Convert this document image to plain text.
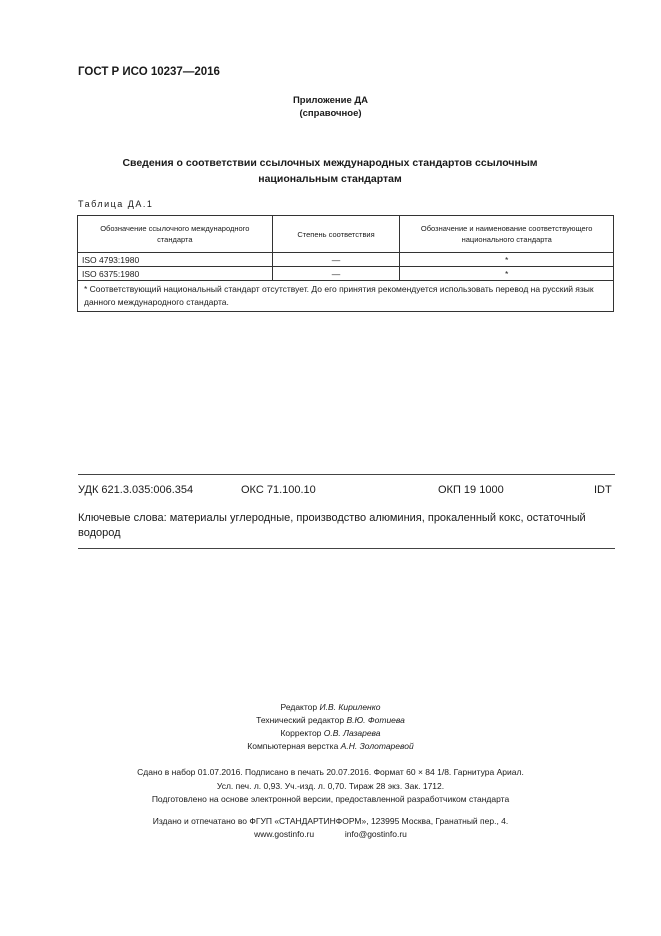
ГОСТ Р ИСО 10237—2016
Приложение ДА
(справочное)
Сведения о соответствии ссылочных международных стандартов ссылочным национальным стандартам
Таблица ДА.1
Обозначение ссылочного международного стандарта	Степень соответствия	Обозначение и наименование соответствующего национального стандарта
ISO 4793:1980	—	*
ISO 6375:1980	—	*
* Соответствующий национальный стандарт отсутствует. До его принятия рекомендуется использовать перевод на русский язык данного международного стандарта.		
УДК 621.3.035:006.354	ОКС 71.100.10	ОКП 19 1000	IDT
Ключевые слова: материалы углеродные, производство алюминия, прокаленный кокс, остаточный водород
Редактор И.В. Кириленко
Технический редактор В.Ю. Фотиева
Корректор О.В. Лазарева
Компьютерная верстка А.Н. Золотаревой
Сдано в набор 01.07.2016. Подписано в печать 20.07.2016. Формат 60 × 84 1/8. Гарнитура Ариал.
Усл. печ. л. 0,93. Уч.-изд. л. 0,70. Тираж 28 экз. Зак. 1712.
Подготовлено на основе электронной версии, предоставленной разработчиком стандарта
Издано и отпечатано во ФГУП «СТАНДАРТИНФОРМ», 123995 Москва, Гранатный пер., 4.
www.gostinfo.ru	info@gostinfo.ru
